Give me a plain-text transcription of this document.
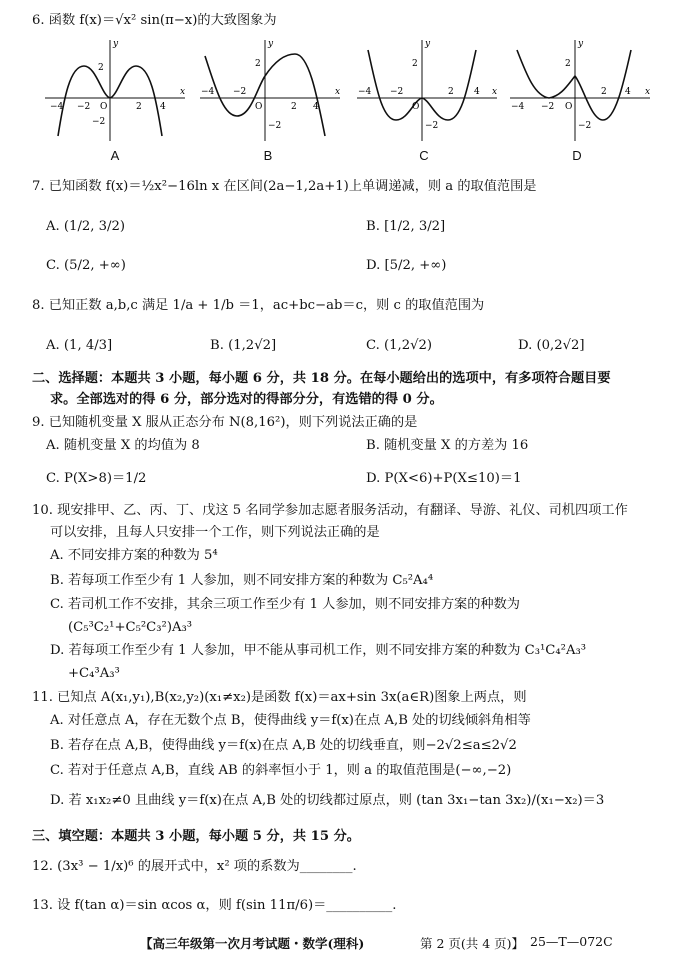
6. 函数 f(x)＝√x² sin(π−x)的大致图象为
−4 −2	2 4
2
−2
O
x
y
A
−4 −2
2 4
2
−2
O
x
y
B
−4 −2	2 4
2
−2
O
x
y
C
−4 −2
2 4
2
−2
O
x
y
D
7. 已知函数 f(x)＝½x²−16ln x 在区间(2a−1,2a+1)上单调递减，则 a 的取值范围是
A. (1/2, 3/2)	B. [1/2, 3/2]
C. (5/2, +∞)	D. [5/2, +∞)
8. 已知正数 a,b,c 满足 1/a + 1/b ＝1，ac+bc−ab＝c，则 c 的取值范围为
A. (1, 4/3]	B. (1,2√2]	C. (1,2√2)	D. (0,2√2]
二、选择题：本题共 3 小题，每小题 6 分，共 18 分。在每小题给出的选项中，有多项符合题目要
求。全部选对的得 6 分，部分选对的得部分分，有选错的得 0 分。
9. 已知随机变量 X 服从正态分布 N(8,16²)，则下列说法正确的是
A. 随机变量 X 的均值为 8	B. 随机变量 X 的方差为 16
C. P(X>8)＝1/2	D. P(X<6)+P(X≤10)＝1
10. 现安排甲、乙、丙、丁、戊这 5 名同学参加志愿者服务活动，有翻译、导游、礼仪、司机四项工作
可以安排，且每人只安排一个工作，则下列说法正确的是
A. 不同安排方案的种数为 5⁴
B. 若每项工作至少有 1 人参加，则不同安排方案的种数为 C₅²A₄⁴
C. 若司机工作不安排，其余三项工作至少有 1 人参加，则不同安排方案的种数为
(C₅³C₂¹+C₅²C₃²)A₃³
D. 若每项工作至少有 1 人参加，甲不能从事司机工作，则不同安排方案的种数为 C₃¹C₄²A₃³
+C₄³A₃³
11. 已知点 A(x₁,y₁),B(x₂,y₂)(x₁≠x₂)是函数 f(x)＝ax+sin 3x(a∈R)图象上两点，则
A. 对任意点 A，存在无数个点 B，使得曲线 y＝f(x)在点 A,B 处的切线倾斜角相等
B. 若存在点 A,B，使得曲线 y＝f(x)在点 A,B 处的切线垂直，则−2√2≤a≤2√2
C. 若对于任意点 A,B，直线 AB 的斜率恒小于 1，则 a 的取值范围是(−∞,−2)
D. 若 x₁x₂≠0 且曲线 y＝f(x)在点 A,B 处的切线都过原点，则 (tan 3x₁−tan 3x₂)/(x₁−x₂)＝3
三、填空题：本题共 3 小题，每小题 5 分，共 15 分。
12. (3x³ − 1/x)⁶ 的展开式中，x² 项的系数为________.
13. 设 f(tan α)＝sin αcos α，则 f(sin 11π/6)＝__________.
【高三年级第一次月考试题・数学(理科)	第 2 页(共 4 页)】 25—T—072C
